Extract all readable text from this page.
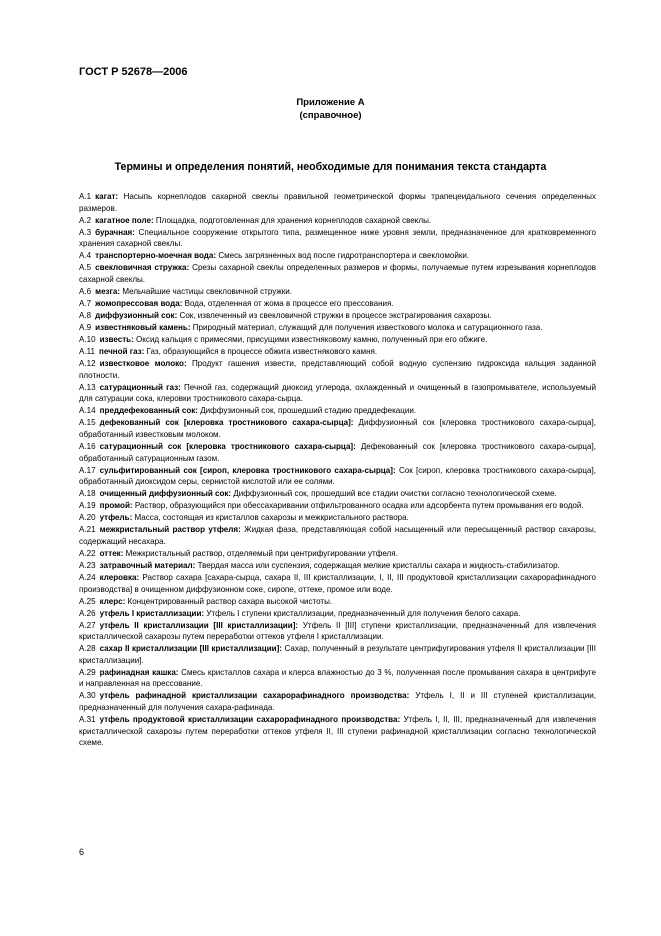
ГОСТ Р 52678—2006
Приложение А
(справочное)
Термины и определения понятий, необходимые для понимания текста стандарта

А.1  кагат: Насыпь корнеплодов сахарной свеклы правильной геометрической формы трапецеидального сечения определенных размеров.

А.2  кагатное поле: Площадка, подготовленная для хранения корнеплодов сахарной свеклы.

А.3  бурачная: Специальное сооружение открытого типа, размещенное ниже уровня земли, предназначенное для кратковременного хранения сахарной свеклы.

А.4  транспортерно-моечная вода: Смесь загрязненных вод после гидротранспортера и свекломойки.

А.5  свекловичная стружка: Срезы сахарной свеклы определенных размеров и формы, получаемые путем изрезывания корнеплодов сахарной свеклы.

А.6  мезга: Мельчайшие частицы свекловичной стружки.

А.7  жомопрессовая вода: Вода, отделенная от жома в процессе его прессования.

А.8  диффузионный сок: Сок, извлеченный из свекловичной стружки в процессе экстрагирования сахарозы.

А.9  известняковый камень: Природный материал, служащий для получения известкового молока и сатурационного газа.

А.10  известь: Оксид кальция с примесями, присущими известняковому камню, полученный при его обжиге.

А.11  печной газ: Газ, образующийся в процессе обжига известнякового камня.

А.12  известковое молоко: Продукт гашения извести, представляющий собой водную суспензию гидроксида кальция заданной плотности.

А.13  сатурационный газ: Печной газ, содержащий диоксид углерода, охлажденный и очищенный в газопромывателе, используемый для сатурации сока, клеровки тростникового сахара-сырца.

А.14  преддефекованный сок: Диффузионный сок, прошедший стадию преддефекации.

А.15  дефекованный сок [клеровка тростникового сахара-сырца]: Диффузионный сок [клеровка тростникового сахара-сырца], обработанный известковым молоком.

А.16  сатурационный сок [клеровка тростникового сахара-сырца]: Дефекованный сок [клеровка тростникового сахара-сырца], обработанный сатурационным газом.

А.17  сульфитированный сок [сироп, клеровка тростникового сахара-сырца]: Сок [сироп, клеровка тростникового сахара-сырца], обработанный диоксидом серы, сернистой кислотой или ее солями.

А.18  очищенный диффузионный сок: Диффузионный сок, прошедший все стадии очистки согласно технологической схеме.

А.19  промой: Раствор, образующийся при обессахаривании отфильтрованного осадка или адсорбента путем промывания его водой.

А.20  утфель: Масса, состоящая из кристаллов сахарозы и межкристального раствора.

А.21  межкристальный раствор утфеля: Жидкая фаза, представляющая собой насыщенный или пересыщенный раствор сахарозы, содержащий несахара.

А.22  оттек: Межкристальный раствор, отделяемый при центрифугировании утфеля.

А.23  затравочный материал: Твердая масса или суспензия, содержащая мелкие кристаллы сахара и жидкость-стабилизатор.

А.24  клеровка: Раствор сахара [сахара-сырца, сахара II, III кристаллизации, I, II, III продуктовой кристаллизации сахарорафинадного производства] в очищенном диффузионном соке, сиропе, оттеке, промое или воде.

А.25  клерс: Концентрированный раствор сахара высокой чистоты.

А.26  утфель I кристаллизации: Утфель I ступени кристаллизации, предназначенный для получения белого сахара.

А.27  утфель II кристаллизации [III кристаллизации]: Утфель II [III] ступени кристаллизации, предназначенный для извлечения кристаллической сахарозы путем переработки оттеков утфеля I кристаллизации.

А.28  сахар II кристаллизации [III кристаллизации]: Сахар, полученный в результате центрифугирования утфеля II кристаллизации [III кристаллизации].

А.29  рафинадная кашка: Смесь кристаллов сахара и клерса влажностью до 3 %, полученная после промывания сахара в центрифуге и направленная на прессование.

А.30  утфель рафинадной кристаллизации сахарорафинадного производства: Утфель I, II и III ступеней кристаллизации, предназначенный для получения сахара-рафинада.

А.31  утфель продуктовой кристаллизации сахарорафинадного производства: Утфель I, II, III, предназначенный для извлечения кристаллической сахарозы путем переработки оттеков утфеля II, III ступени рафинадной кристаллизации согласно технологической схеме.

6
